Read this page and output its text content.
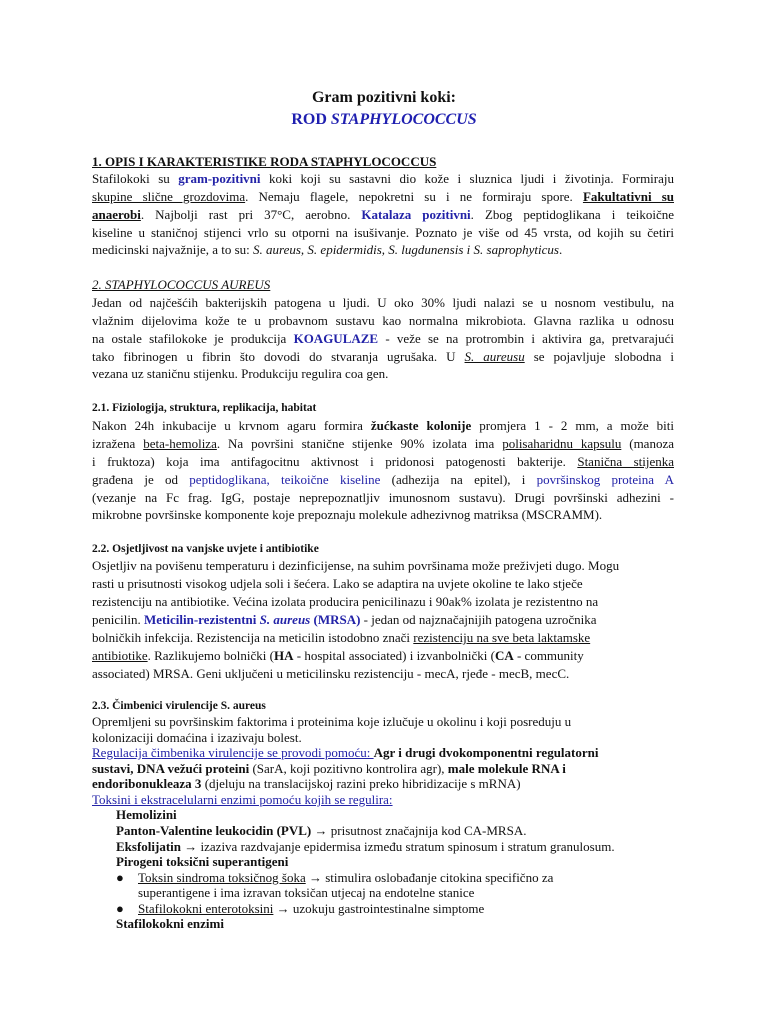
Gram pozitivni koki:
ROD STAPHYLOCOCCUS
1. OPIS I KARAKTERISTIKE RODA STAPHYLOCOCCUS
Stafilokoki su gram-pozitivni koki koji su sastavni dio kože i sluznica ljudi i životinja. Formiraju
skupine slične grozdovima. Nemaju flagele, nepokretni su i ne formiraju spore. Fakultativni su
anaerobi. Najbolji rast pri 37°C, aerobno. Katalaza pozitivni. Zbog peptidoglikana i teikoične
kiseline u staničnoj stijenci vrlo su otporni na isušivanje. Poznato je više od 45 vrsta, od kojih su četiri
medicinski najvažnije, a to su: S. aureus, S. epidermidis, S. lugdunensis i S. saprophyticus.
2. STAPHYLOCOCCUS AUREUS
Jedan od najčešćih bakterijskih patogena u ljudi. U oko 30% ljudi nalazi se u nosnom vestibulu, na
vlažnim dijelovima kože te u probavnom sustavu kao normalna mikrobiota. Glavna razlika u odnosu
na ostale stafilokoke je produkcija KOAGULAZE - veže se na protrombin i aktivira ga, pretvarajući
tako fibrinogen u fibrin što dovodi do stvaranja ugrušaka. U S. aureusu se pojavljuje slobodna i
vezana uz staničnu stijenku. Produkciju regulira coa gen.
2.1. Fiziologija, struktura, replikacija, habitat
Nakon 24h inkubacije u krvnom agaru formira žućkaste kolonije promjera 1 - 2 mm, a može biti
izražena beta-hemoliza. Na površini stanične stijenke 90% izolata ima polisaharidnu kapsulu (manoza
i fruktoza) koja ima antifagocitnu aktivnost i pridonosi patogenosti bakterije. Stanična stijenka
građena je od peptidoglikana, teikoične kiseline (adhezija na epitel), i površinskog proteina A
(vezanje na Fc frag. IgG, postaje neprepoznatljiv imunosnom sustavu). Drugi površinski adhezini -
mikrobne površinske komponente koje prepoznaju molekule adhezivnog matriksa (MSCRAMM).
2.2. Osjetljivost na vanjske uvjete i antibiotike
Osjetljiv na povišenu temperaturu i dezinficijense, na suhim površinama može preživjeti dugo. Mogu
rasti u prisutnosti visokog udjela soli i šećera. Lako se adaptira na uvjete okoline te lako stječe
rezistenciju na antibiotike. Većina izolata producira penicilinazu i 90ak% izolata je rezistentno na
penicilin. Meticilin-rezistentni S. aureus (MRSA) - jedan od najznačajnijih patogena uzročnika
bolničkih infekcija. Rezistencija na meticilin istodobno znači rezistenciju na sve beta laktamske
antibiotike. Razlikujemo bolnički (HA - hospital associated) i izvanbolnički (CA - community
associated) MRSA. Geni uključeni u meticilinsku rezistenciju - mecA, rjeđe - mecB, mecC.
2.3. Čimbenici virulencije S. aureus
Opremljeni su površinskim faktorima i proteinima koje izlučuje u okolinu i koji posreduju u
kolonizaciji domaćina i izazivaju bolest.
Regulacija čimbenika virulencije se provodi pomoću: Agr i drugi dvokomponentni regulatorni
sustavi, DNA vežući proteini (SarA, koji pozitivno kontrolira agr), male molekule RNA i
endoribonukleaza 3 (djeluju na translacijskoj razini preko hibridizacije s mRNA)
Toksini i ekstracelularni enzimi pomoću kojih se regulira:
Hemolizini
Panton-Valentine leukocidin (PVL) → prisutnost značajnija kod CA-MRSA.
Eksfolijatin → izaziva razdvajanje epidermisa između stratum spinosum i stratum granulosum.
Pirogeni toksični superantigeni
● Toksin sindroma toksičnog šoka → stimulira oslobađanje citokina specifično za
superantigene i ima izravan toksičan utjecaj na endotelne stanice
● Stafilokokni enterotoksini → uzokuju gastrointestinalne simptome
Stafilokokni enzimi
